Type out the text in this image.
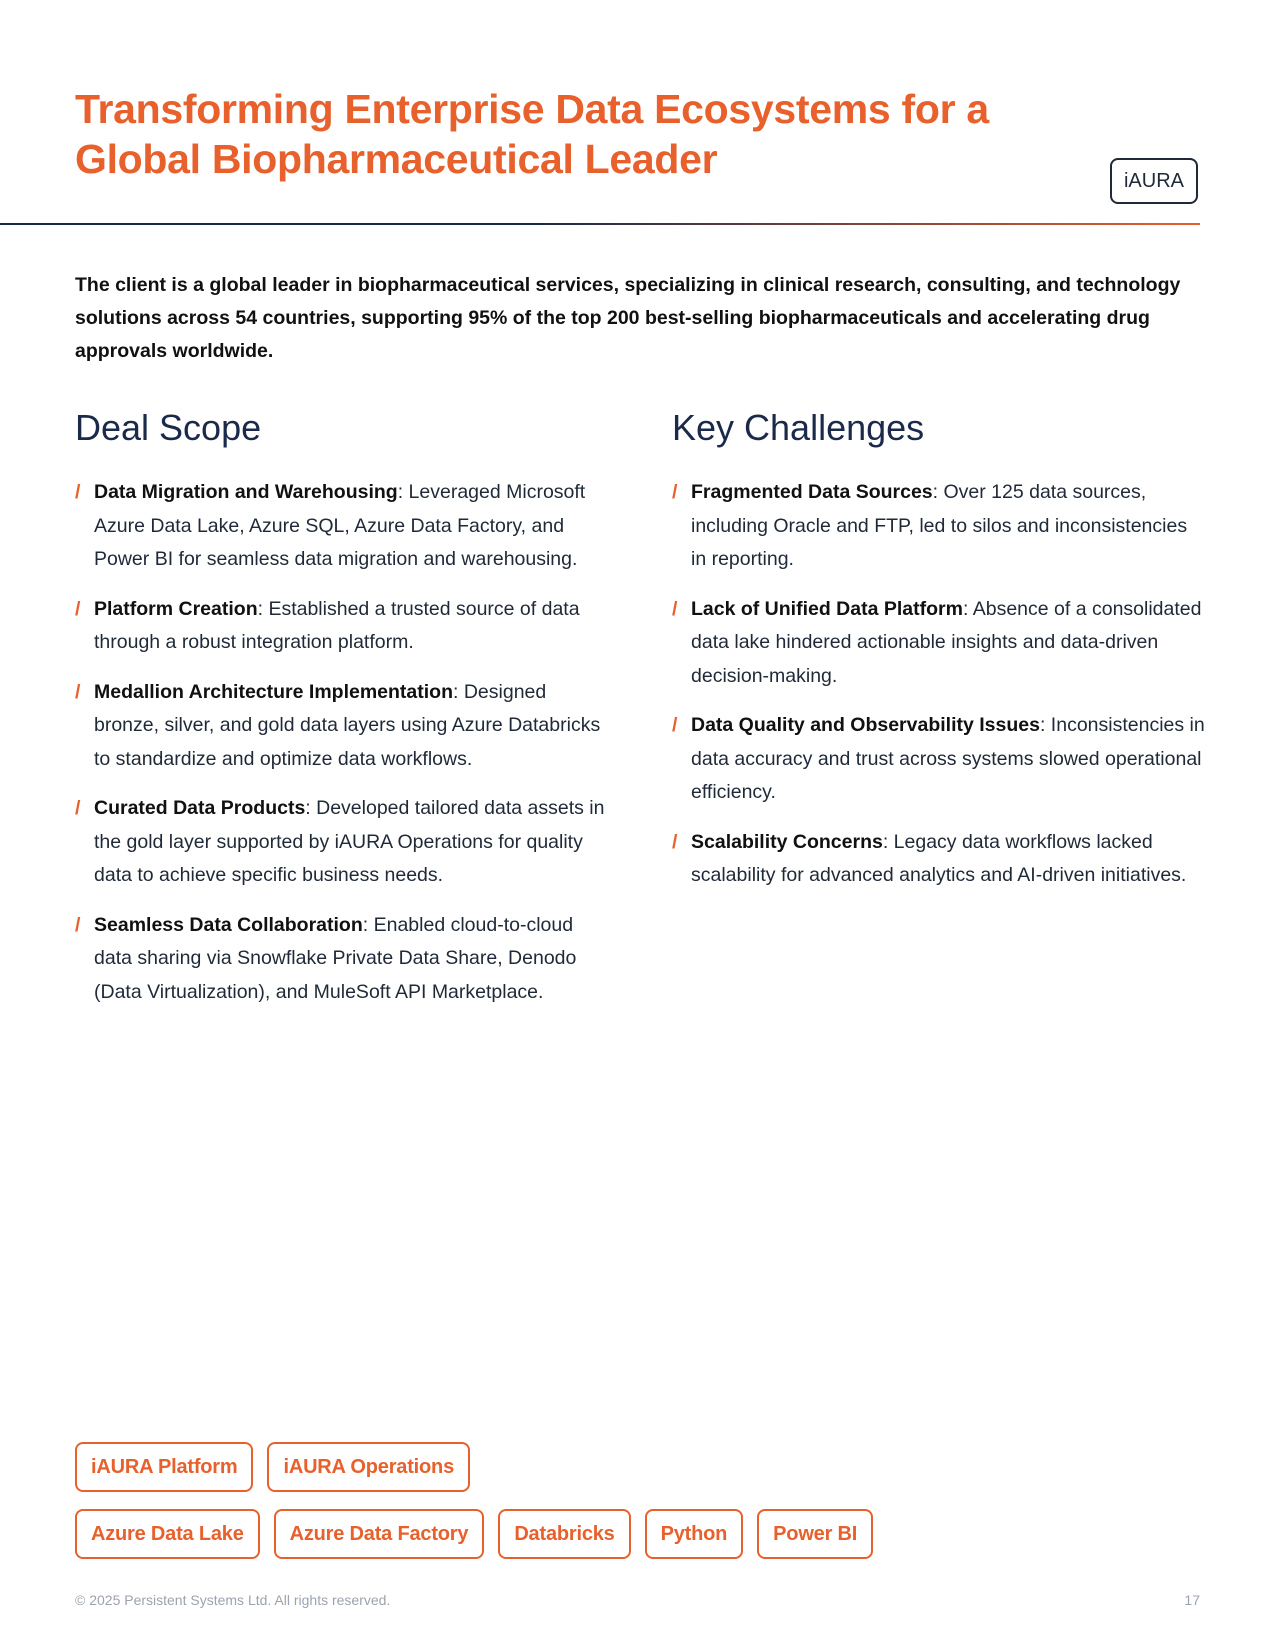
Transforming Enterprise Data Ecosystems for a Global Biopharmaceutical Leader	iAURA

The client is a global leader in biopharmaceutical services, specializing in clinical research, consulting, and technology solutions across 54 countries, supporting 95% of the top 200 best-selling biopharmaceuticals and accelerating drug approvals worldwide.

Deal Scope
/ Data Migration and Warehousing: Leveraged Microsoft Azure Data Lake, Azure SQL, Azure Data Factory, and Power BI for seamless data migration and warehousing.
/ Platform Creation: Established a trusted source of data through a robust integration platform.
/ Medallion Architecture Implementation: Designed bronze, silver, and gold data layers using Azure Databricks to standardize and optimize data workflows.
/ Curated Data Products: Developed tailored data assets in the gold layer supported by iAURA Operations for quality data to achieve specific business needs.
/ Seamless Data Collaboration: Enabled cloud-to-cloud data sharing via Snowflake Private Data Share, Denodo (Data Virtualization), and MuleSoft API Marketplace.
Key Challenges
/ Fragmented Data Sources: Over 125 data sources, including Oracle and FTP, led to silos and inconsistencies in reporting.
/ Lack of Unified Data Platform: Absence of a consolidated data lake hindered actionable insights and data-driven decision-making.
/ Data Quality and Observability Issues: Inconsistencies in data accuracy and trust across systems slowed operational efficiency.
/ Scalability Concerns: Legacy data workflows lacked scalability for advanced analytics and AI-driven initiatives.
iAURA Platform iAURA Operations
Azure Data Lake Azure Data Factory Databricks Python Power BI
© 2025 Persistent Systems Ltd. All rights reserved.	17
